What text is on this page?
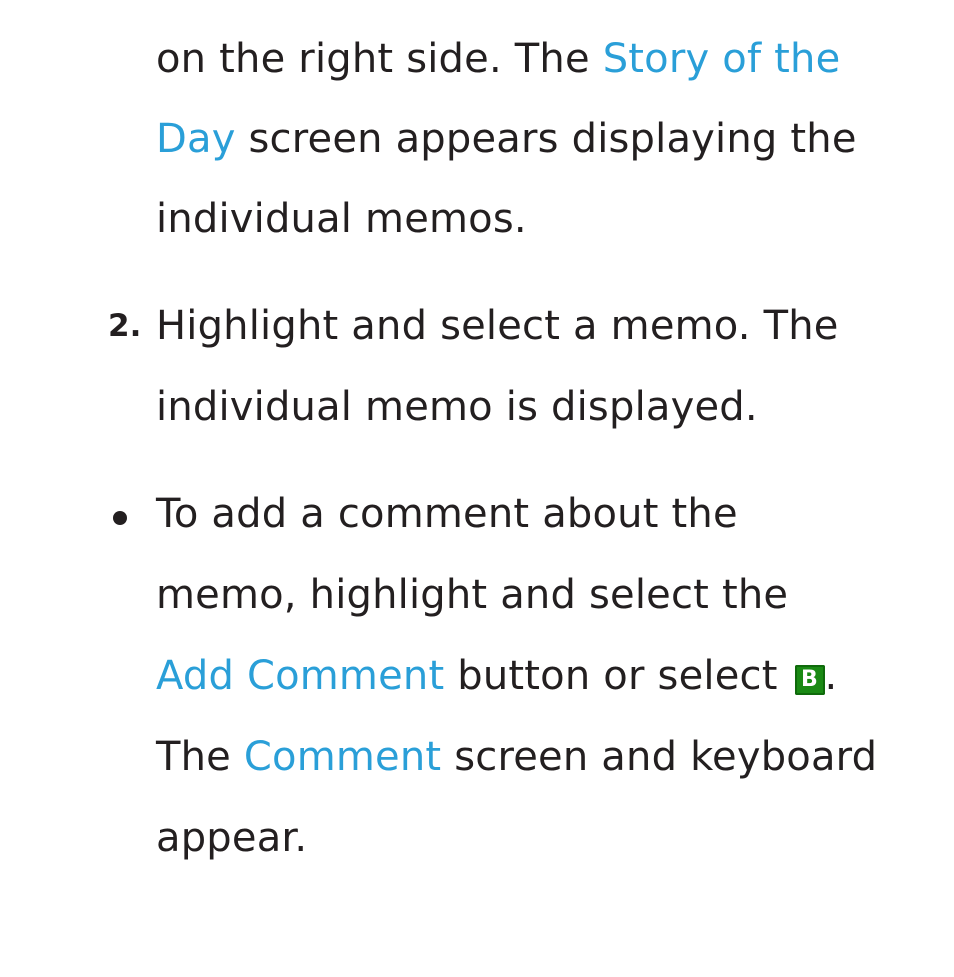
on the right side. The Story of the
Day screen appears displaying the
individual memos.
2. Highlight and select a memo. The
individual memo is displayed.
To add a comment about the
memo, highlight and select the
Add Comment button or select B .
The Comment screen and keyboard
appear.
